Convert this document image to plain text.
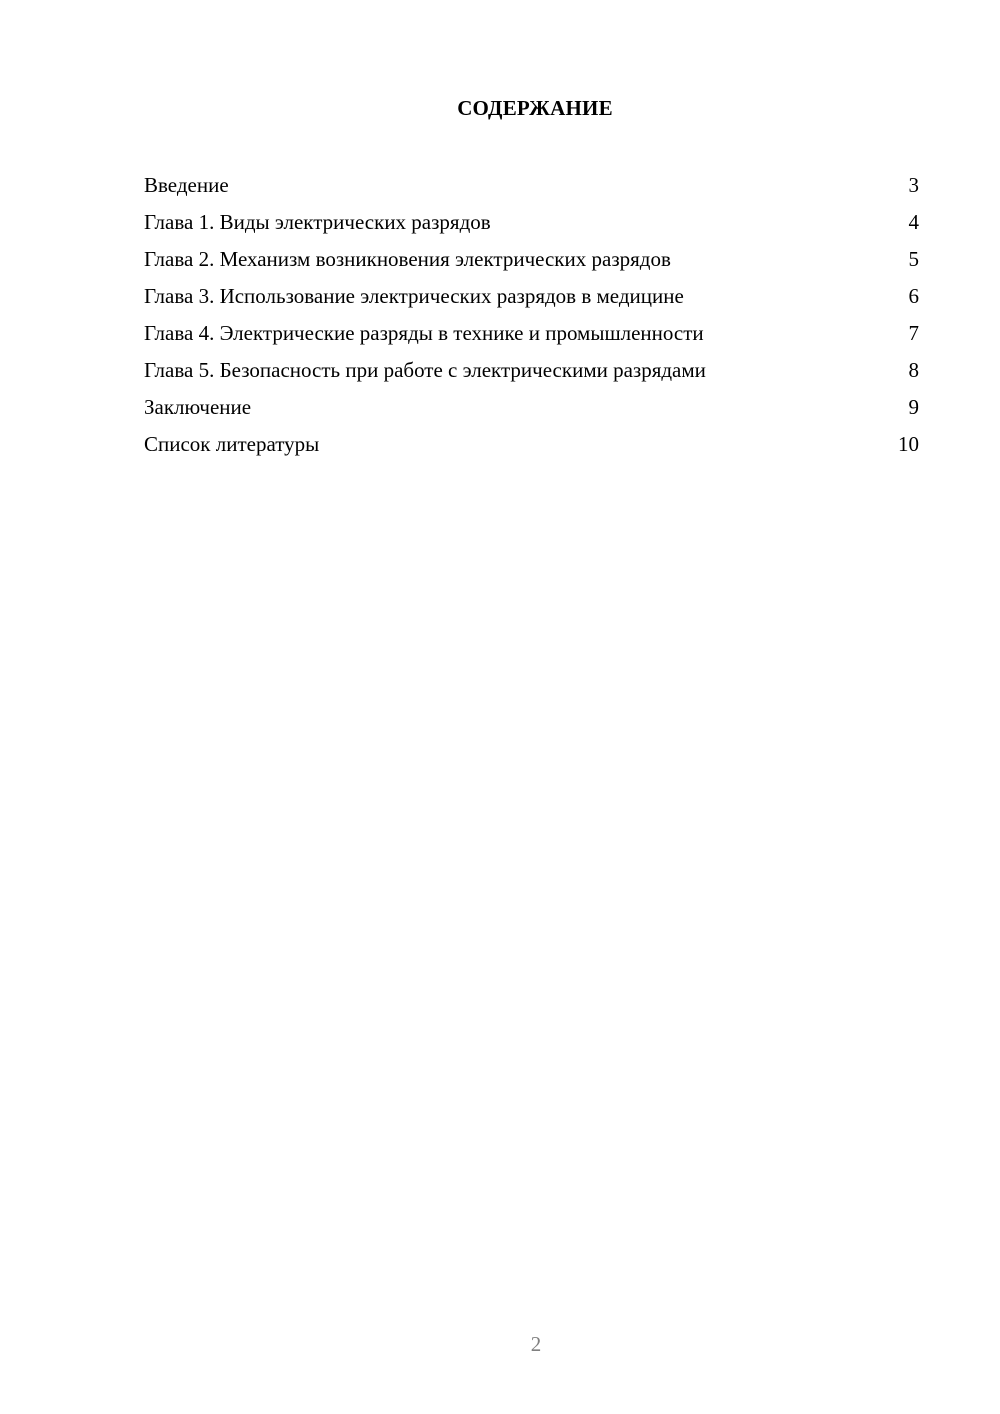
СОДЕРЖАНИЕ
Введение	3
Глава 1. Виды электрических разрядов	4
Глава 2. Механизм возникновения электрических разрядов	5
Глава 3. Использование электрических разрядов в медицине	6
Глава 4. Электрические разряды в технике и промышленности	7
Глава 5. Безопасность при работе с электрическими разрядами	8
Заключение	9
Список литературы	10
2
